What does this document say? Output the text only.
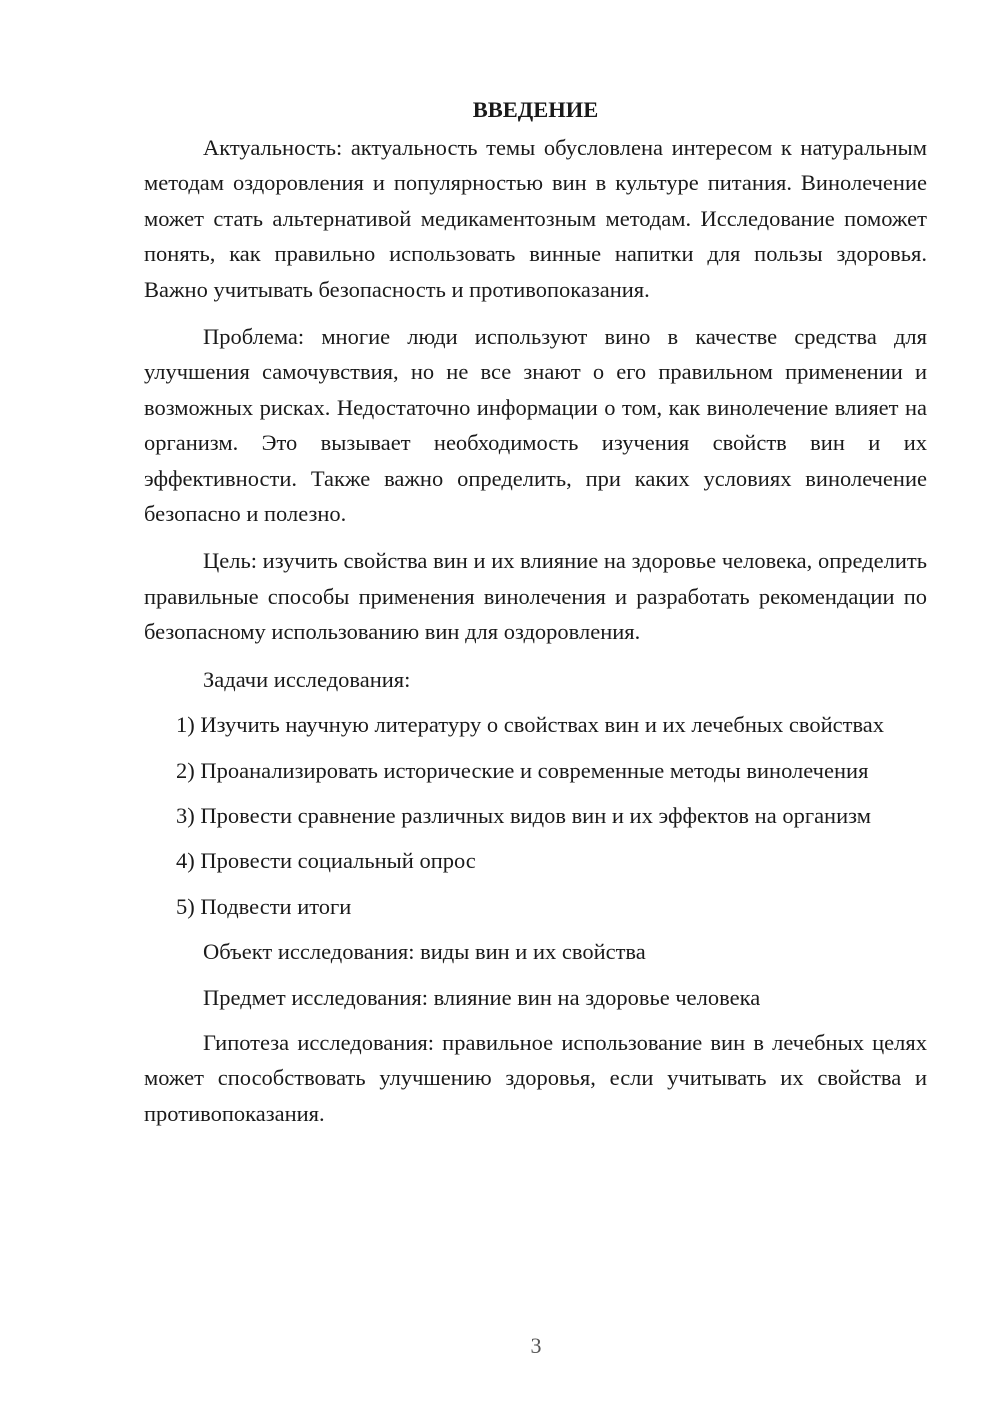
ВВЕДЕНИЕ

Актуальность: актуальность темы обусловлена интересом к натуральным методам оздоровления и популярностью вин в культуре питания. Винолечение может стать альтернативой медикаментозным методам. Исследование поможет понять, как правильно использовать винные напитки для пользы здоровья. Важно учитывать безопасность и противопоказания.

Проблема: многие люди используют вино в качестве средства для улучшения самочувствия, но не все знают о его правильном применении и возможных рисках. Недостаточно информации о том, как винолечение влияет на организм. Это вызывает необходимость изучения свойств вин и их эффективности. Также важно определить, при каких условиях винолечение безопасно и полезно.

Цель: изучить свойства вин и их влияние на здоровье человека, определить правильные способы применения винолечения и разработать рекомендации по безопасному использованию вин для оздоровления.

Задачи исследования:

1) Изучить научную литературу о свойствах вин и их лечебных свойствах

2) Проанализировать исторические и современные методы винолечения

3) Провести сравнение различных видов вин и их эффектов на организм

4) Провести социальный опрос

5) Подвести итоги

Объект исследования: виды вин и их свойства

Предмет исследования: влияние вин на здоровье человека

Гипотеза исследования: правильное использование вин в лечебных целях может способствовать улучшению здоровья, если учитывать их свойства и противопоказания.

3
